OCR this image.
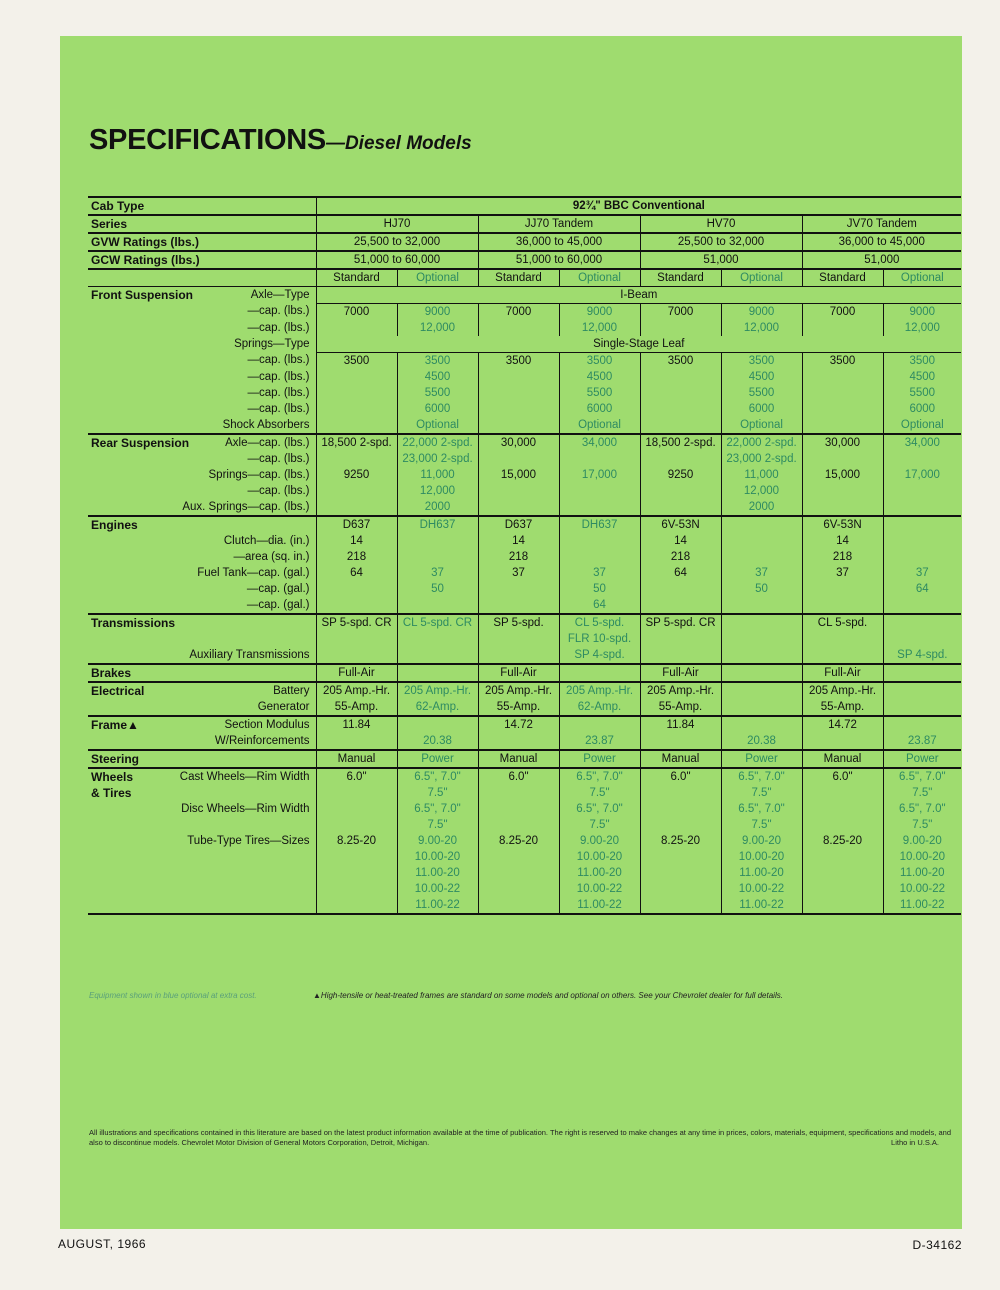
SPECIFICATIONS—Diesel Models
Cab Type		92¾" BBC Conventional							
Series		HJ70		JJ70 Tandem		HV70		JV70 Tandem	
GVW Ratings (lbs.)		25,500 to 32,000		36,000 to 45,000		25,500 to 32,000		36,000 to 45,000	
GCW Ratings (lbs.)		51,000 to 60,000		51,000 to 60,000		51,000		51,000	
		Standard	Optional	Standard	Optional	Standard	Optional	Standard	Optional
Front Suspension	Axle—Type	I-Beam							
	—cap. (lbs.)	7000	9000	7000	9000	7000	9000	7000	9000
	—cap. (lbs.)		12,000		12,000		12,000		12,000
	Springs—Type	Single-Stage Leaf							
	—cap. (lbs.)	3500	3500	3500	3500	3500	3500	3500	3500
	—cap. (lbs.)		4500		4500		4500		4500
	—cap. (lbs.)		5500		5500		5500		5500
	—cap. (lbs.)		6000		6000		6000		6000
	Shock Absorbers		Optional		Optional		Optional		Optional
Rear Suspension	Axle—cap. (lbs.)	18,500 2-spd.	22,000 2-spd.	30,000	34,000	18,500 2-spd.	22,000 2-spd.	30,000	34,000
	—cap. (lbs.)		23,000 2-spd.				23,000 2-spd.		
	Springs—cap. (lbs.)	9250	11,000	15,000	17,000	9250	11,000	15,000	17,000
	—cap. (lbs.)		12,000				12,000		
	Aux. Springs—cap. (lbs.)		2000				2000		
Engines		D637	DH637	D637	DH637	6V-53N		6V-53N	
	Clutch—dia. (in.)	14		14		14		14	
	—area (sq. in.)	218		218		218		218	
	Fuel Tank—cap. (gal.)	64	37	37	37	64	37	37	37
	—cap. (gal.)		50		50		50		64
	—cap. (gal.)				64				
Transmissions		SP 5-spd. CR	CL 5-spd. CR	SP 5-spd.	CL 5-spd.	SP 5-spd. CR		CL 5-spd.	
					FLR 10-spd.				
	Auxiliary Transmissions				SP 4-spd.				SP 4-spd.
Brakes		Full-Air		Full-Air		Full-Air		Full-Air	
Electrical	Battery	205 Amp.-Hr.	205 Amp.-Hr.	205 Amp.-Hr.	205 Amp.-Hr.	205 Amp.-Hr.		205 Amp.-Hr.	
	Generator	55-Amp.	62-Amp.	55-Amp.	62-Amp.	55-Amp.		55-Amp.	
Frame▲	Section Modulus	11.84		14.72		11.84		14.72	
	W/Reinforcements		20.38		23.87		20.38		23.87
Steering		Manual	Power	Manual	Power	Manual	Power	Manual	Power
Wheels	Cast Wheels—Rim Width	6.0"	6.5", 7.0"	6.0"	6.5", 7.0"	6.0"	6.5", 7.0"	6.0"	6.5", 7.0"
& Tires			7.5"		7.5"		7.5"		7.5"
	Disc Wheels—Rim Width		6.5", 7.0"		6.5", 7.0"		6.5", 7.0"		6.5", 7.0"
			7.5"		7.5"		7.5"		7.5"
	Tube-Type Tires—Sizes	8.25-20	9.00-20	8.25-20	9.00-20	8.25-20	9.00-20	8.25-20	9.00-20
			10.00-20		10.00-20		10.00-20		10.00-20
			11.00-20		11.00-20		11.00-20		11.00-20
			10.00-22		10.00-22		10.00-22		10.00-22
			11.00-22		11.00-22		11.00-22		11.00-22
Equipment shown in blue optional at extra cost.	▲High-tensile or heat-treated frames are standard on some models and optional on others. See your Chevrolet dealer for full details.
All illustrations and specifications contained in this literature are based on the latest product information available at the time of publication. The right is reserved to make changes at any time in prices, colors, materials, equipment, specifications and models, and also to discontinue models. Chevrolet Motor Division of General Motors Corporation, Detroit, Michigan.	Litho in U.S.A.
AUGUST, 1966	D-34162
